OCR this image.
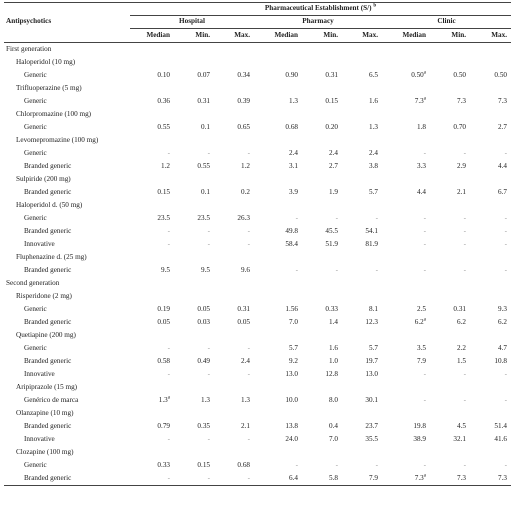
	Pharmaceutical Establishment (S/) $^b$
Antipsychotics	Hospital			Pharmacy			Clinic		
	Median	Min.	Max.	Median	Min.	Max.	Median	Min.	Max.
First generation									
Haloperidol (10 mg)									
Generic	0.10	0.07	0.34	0.90	0.31	6.5	0.50$^a$	0.50	0.50
Trifluoperazine (5 mg)									
Generic	0.36	0.31	0.39	1.3	0.15	1.6	7.3$^a$	7.3	7.3
Chlorpromazine (100 mg)									
Generic	0.55	0.1	0.65	0.68	0.20	1.3	1.8	0.70	2.7
Levomepromazine (100 mg)									
Generic	-	-	-	2.4	2.4	2.4	-	-	-
Branded generic	1.2	0.55	1.2	3.1	2.7	3.8	3.3	2.9	4.4
Sulpiride (200 mg)									
Branded generic	0.15	0.1	0.2	3.9	1.9	5.7	4.4	2.1	6.7
Haloperidol d. (50 mg)									
Generic	23.5	23.5	26.3	-	-	-	-	-	-
Branded generic	-	-	-	49.8	45.5	54.1	-	-	-
Innovative	-	-	-	58.4	51.9	81.9	-	-	-
Fluphenazine d. (25 mg)									
Branded generic	9.5	9.5	9.6	-	-	-	-	-	-
Second generation									
Risperidone (2 mg)									
Generic	0.19	0.05	0.31	1.56	0.33	8.1	2.5	0.31	9.3
Branded generic	0.05	0.03	0.05	7.0	1.4	12.3	6.2$^a$	6.2	6.2
Quetiapine (200 mg)									
Generic	-	-	-	5.7	1.6	5.7	3.5	2.2	4.7
Branded generic	0.58	0.49	2.4	9.2	1.0	19.7	7.9	1.5	10.8
Innovative	-	-	-	13.0	12.8	13.0	-	-	-
Aripiprazole (15 mg)									
Genérico de marca	1.3$^a$	1.3	1.3	10.0	8.0	30.1	-	-	-
Olanzapine (10 mg)									
Branded generic	0.79	0.35	2.1	13.8	0.4	23.7	19.8	4.5	51.4
Innovative	-	-	-	24.0	7.0	35.5	38.9	32.1	41.6
Clozapine (100 mg)									
Generic	0.33	0.15	0.68	-	-	-	-	-	-
Branded generic	-	-	-	6.4	5.8	7.9	7.3$^a$	7.3	7.3
